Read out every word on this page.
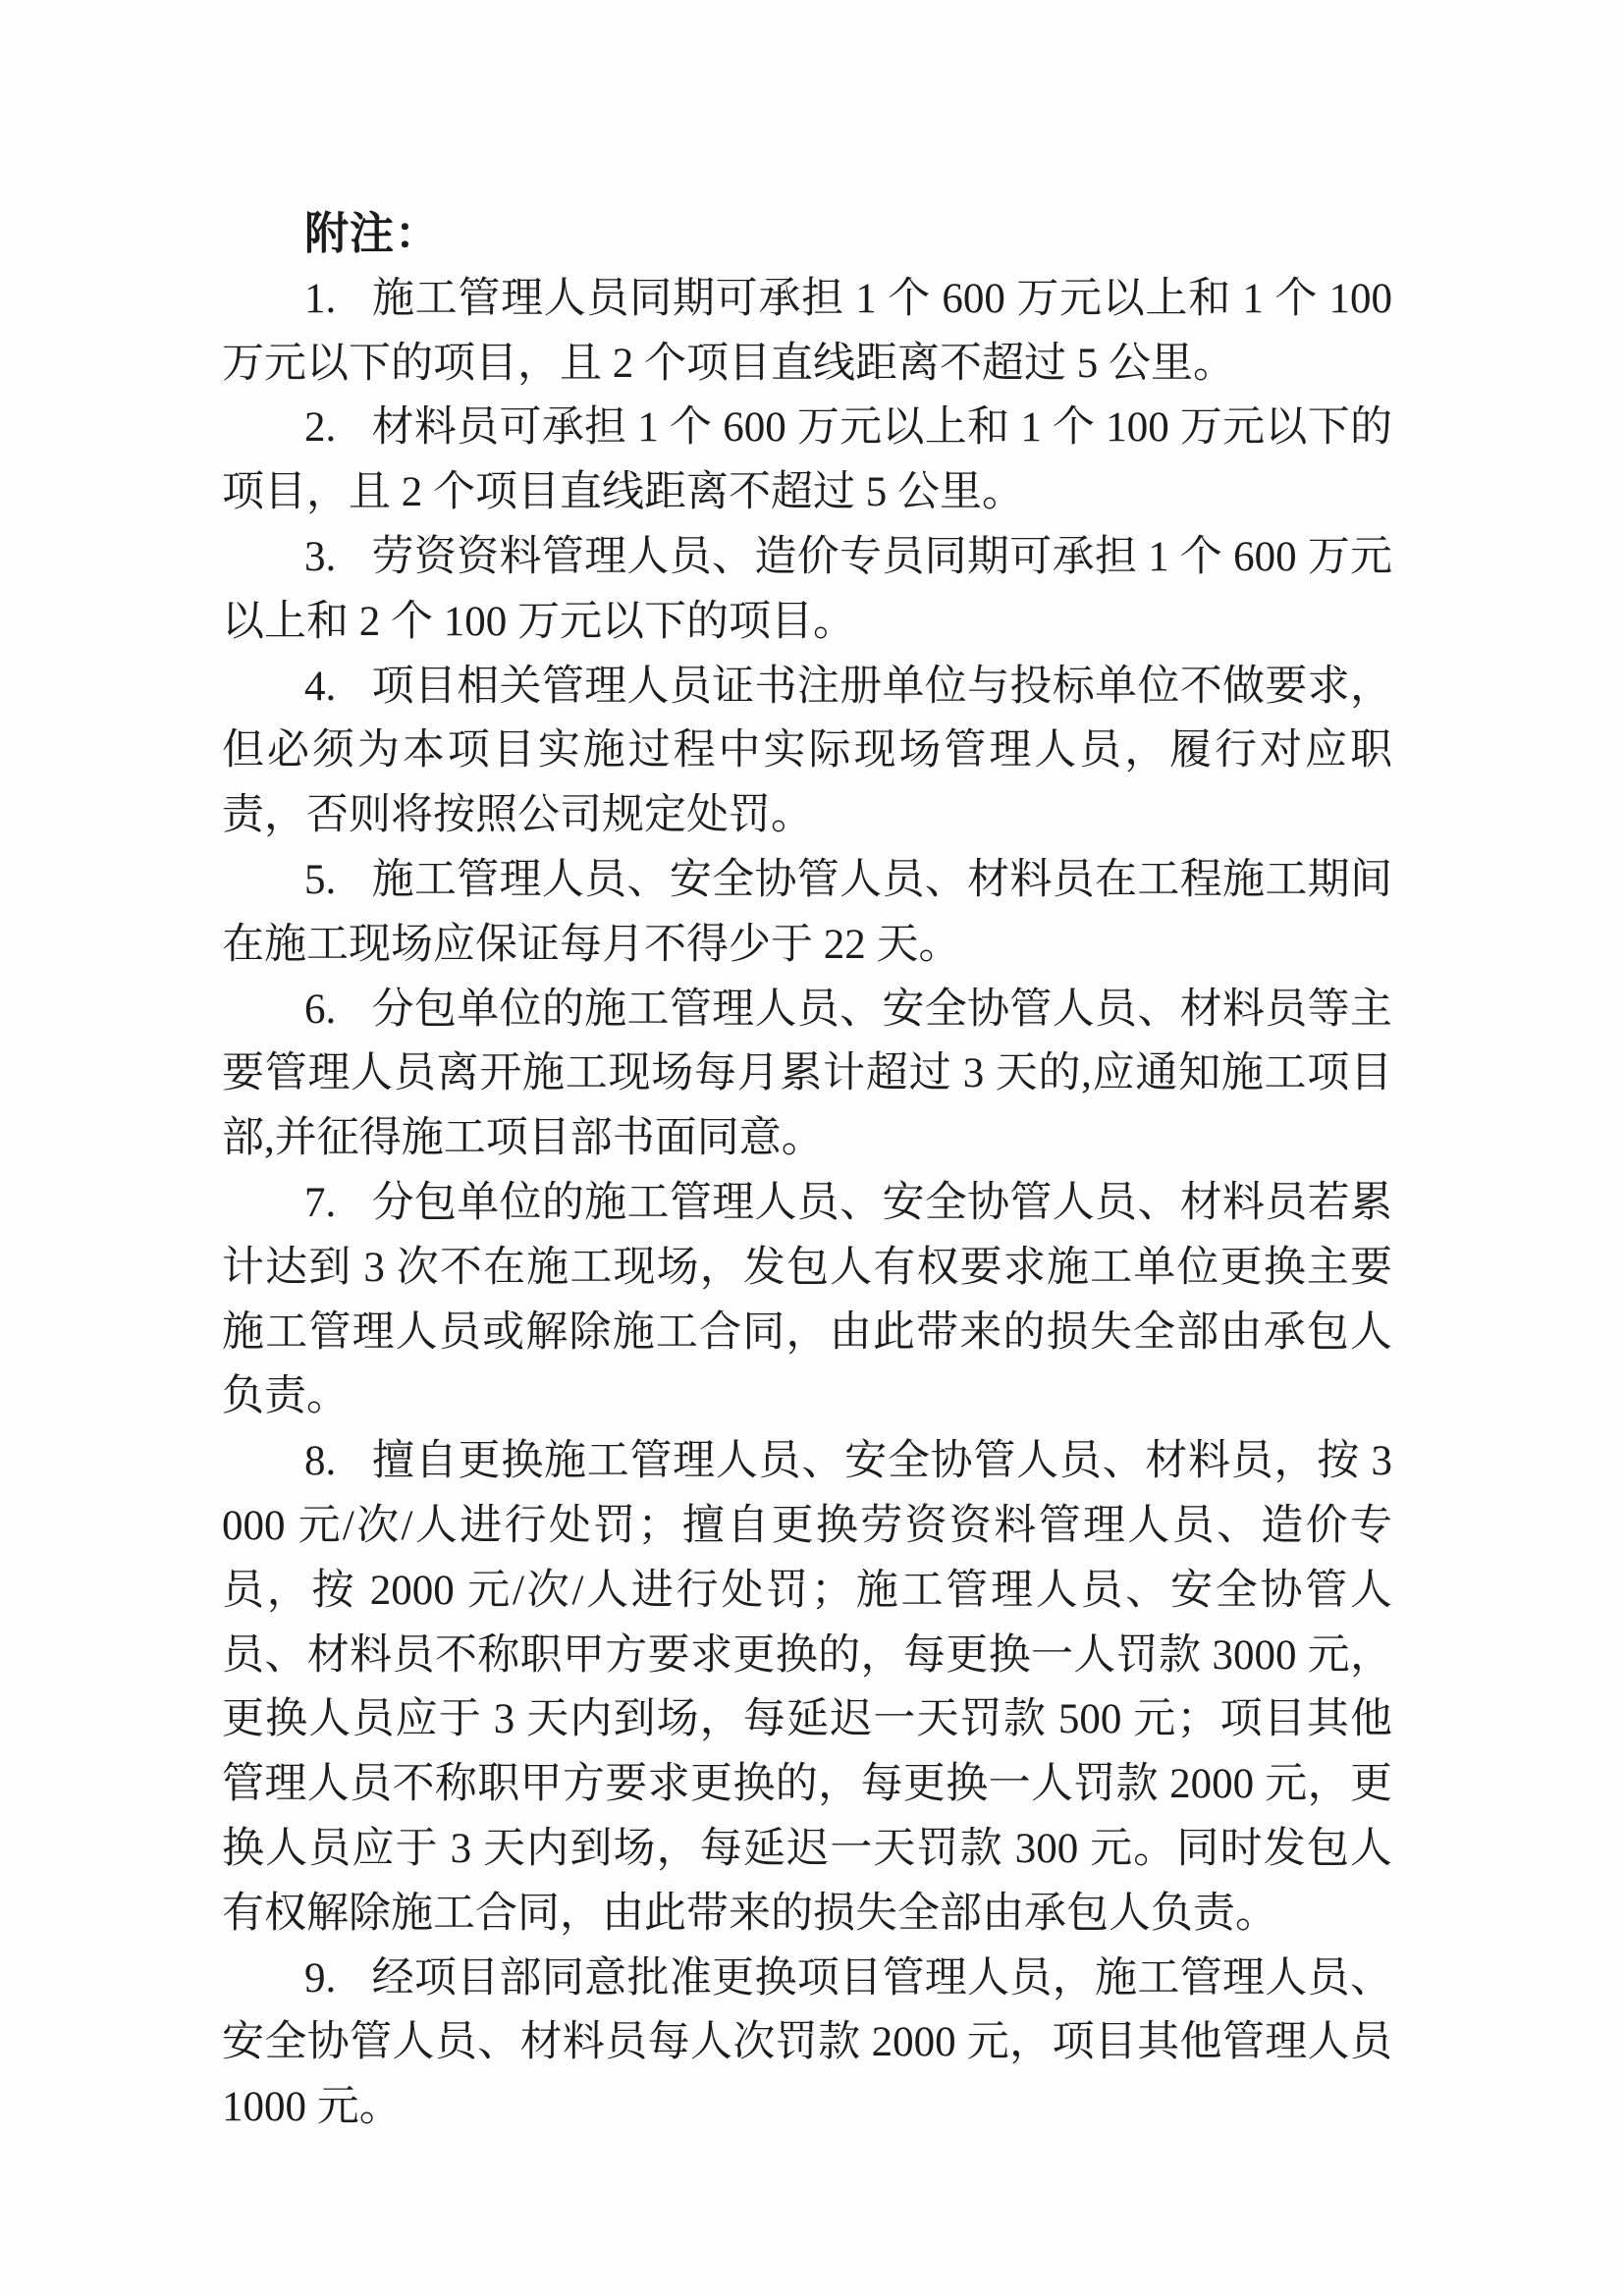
附注：

1. 施工管理人员同期可承担 1 个 600 万元以上和 1 个 100 万元以下的项目，且 2 个项目直线距离不超过 5 公里。

2. 材料员可承担 1 个 600 万元以上和 1 个 100 万元以下的项目，且 2 个项目直线距离不超过 5 公里。

3. 劳资资料管理人员、造价专员同期可承担 1 个 600 万元以上和 2 个 100 万元以下的项目。

4. 项目相关管理人员证书注册单位与投标单位不做要求，但必须为本项目实施过程中实际现场管理人员，履行对应职责，否则将按照公司规定处罚。

5. 施工管理人员、安全协管人员、材料员在工程施工期间在施工现场应保证每月不得少于 22 天。

6. 分包单位的施工管理人员、安全协管人员、材料员等主要管理人员离开施工现场每月累计超过 3 天的,应通知施工项目部,并征得施工项目部书面同意。

7. 分包单位的施工管理人员、安全协管人员、材料员若累计达到 3 次不在施工现场，发包人有权要求施工单位更换主要施工管理人员或解除施工合同，由此带来的损失全部由承包人负责。

8. 擅自更换施工管理人员、安全协管人员、材料员，按 3000 元/次/人进行处罚；擅自更换劳资资料管理人员、造价专员，按 2000 元/次/人进行处罚；施工管理人员、安全协管人员、材料员不称职甲方要求更换的，每更换一人罚款 3000 元，更换人员应于 3 天内到场，每延迟一天罚款 500 元；项目其他管理人员不称职甲方要求更换的，每更换一人罚款 2000 元，更换人员应于 3 天内到场，每延迟一天罚款 300 元。同时发包人有权解除施工合同，由此带来的损失全部由承包人负责。

9. 经项目部同意批准更换项目管理人员，施工管理人员、安全协管人员、材料员每人次罚款 2000 元，项目其他管理人员 1000 元。
